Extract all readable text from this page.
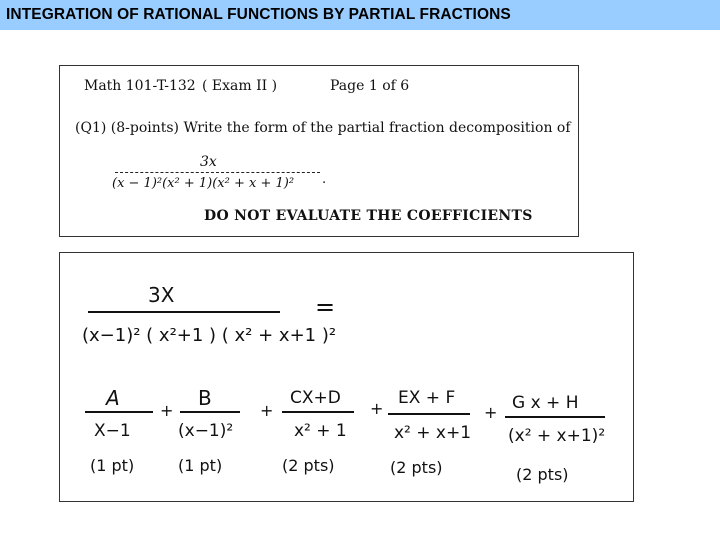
INTEGRATION OF RATIONAL FUNCTIONS BY PARTIAL FRACTIONS
Math 101-T-132 ( Exam II )	Page 1 of 6
(Q1) (8-points) Write the form of the partial fraction decomposition of
3x
(x − 1)²(x² + 1)(x² + x + 1)² .
DO NOT EVALUATE THE COEFFICIENTS
3X
(x−1)² ( x²+1 ) ( x² + x+1 )²
=
A
X−1
(1 pt)
+
B
(x−1)²
(1 pt)
+
CX+D
x² + 1
(2 pts)
+
EX + F
x² + x+1
(2 pts)
+ G x + H
(x² + x+1)²
(2 pts)
